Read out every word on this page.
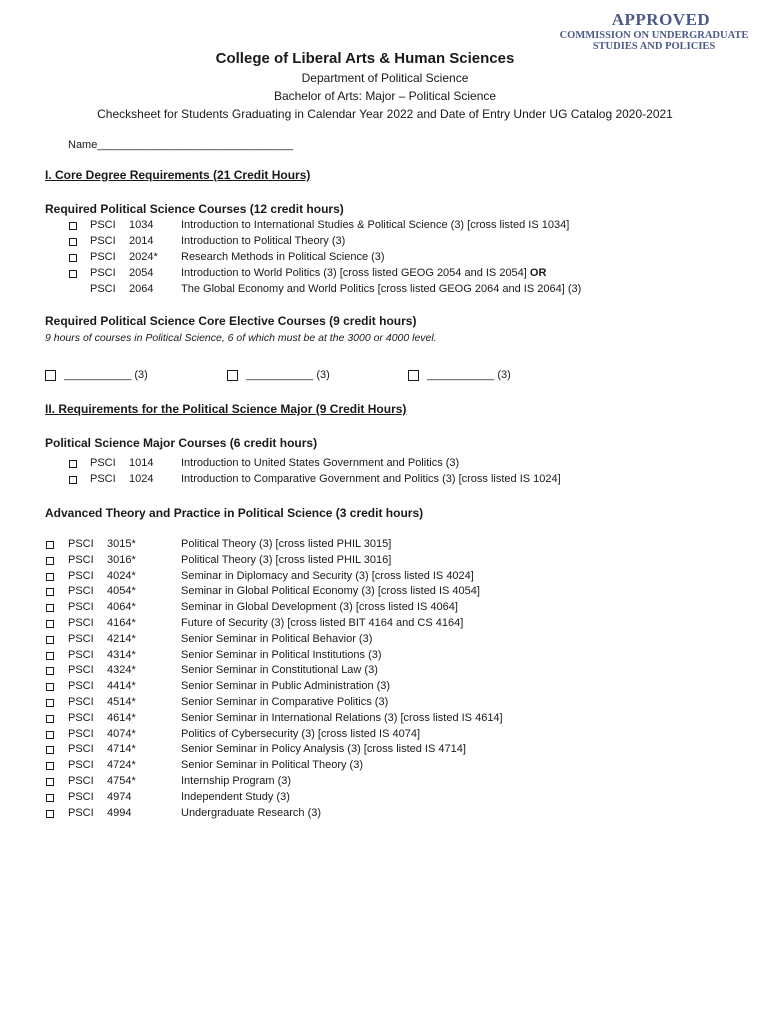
APPROVED
COMMISSION ON UNDERGRADUATE
STUDIES AND POLICIES
College of Liberal Arts & Human Sciences
Department of Political Science
Bachelor of Arts: Major – Political Science
Checksheet for Students Graduating in Calendar Year 2022 and Date of Entry Under UG Catalog 2020-2021
Name________________________________
I. Core Degree Requirements (21 Credit Hours)
Required Political Science Courses (12 credit hours)
PSCI 1034	Introduction to International Studies & Political Science (3) [cross listed IS 1034]
PSCI 2014	Introduction to Political Theory (3)
PSCI 2024* Research Methods in Political Science (3)
PSCI 2054	Introduction to World Politics (3) [cross listed GEOG 2054 and IS 2054] OR
PSCI 2064	The Global Economy and World Politics [cross listed GEOG 2064 and IS 2064] (3)
Required Political Science Core Elective Courses (9 credit hours)
9 hours of courses in Political Science, 6 of which must be at the 3000 or 4000 level.
___________ (3)	___________ (3)	___________ (3)
II. Requirements for the Political Science Major (9 Credit Hours)
Political Science Major Courses (6 credit hours)
PSCI 1014	Introduction to United States Government and Politics (3)
PSCI 1024	Introduction to Comparative Government and Politics (3) [cross listed IS 1024]
Advanced Theory and Practice in Political Science (3 credit hours)
PSCI 3015*	Political Theory (3) [cross listed PHIL 3015]
PSCI 3016*	Political Theory (3) [cross listed PHIL 3016]
PSCI 4024*	Seminar in Diplomacy and Security (3) [cross listed IS 4024]
PSCI 4054*	Seminar in Global Political Economy (3) [cross listed IS 4054]
PSCI 4064*	Seminar in Global Development (3) [cross listed IS 4064]
PSCI 4164*	Future of Security (3) [cross listed BIT 4164 and CS 4164]
PSCI 4214*	Senior Seminar in Political Behavior (3)
PSCI 4314*	Senior Seminar in Political Institutions (3)
PSCI 4324*	Senior Seminar in Constitutional Law (3)
PSCI 4414*	Senior Seminar in Public Administration (3)
PSCI 4514*	Senior Seminar in Comparative Politics (3)
PSCI 4614*	Senior Seminar in International Relations (3) [cross listed IS 4614]
PSCI 4074*	Politics of Cybersecurity (3) [cross listed IS 4074]
PSCI 4714*	Senior Seminar in Policy Analysis (3) [cross listed IS 4714]
PSCI 4724*	Senior Seminar in Political Theory (3)
PSCI 4754*	Internship Program (3)
PSCI 4974	Independent Study (3)
PSCI 4994	Undergraduate Research (3)
